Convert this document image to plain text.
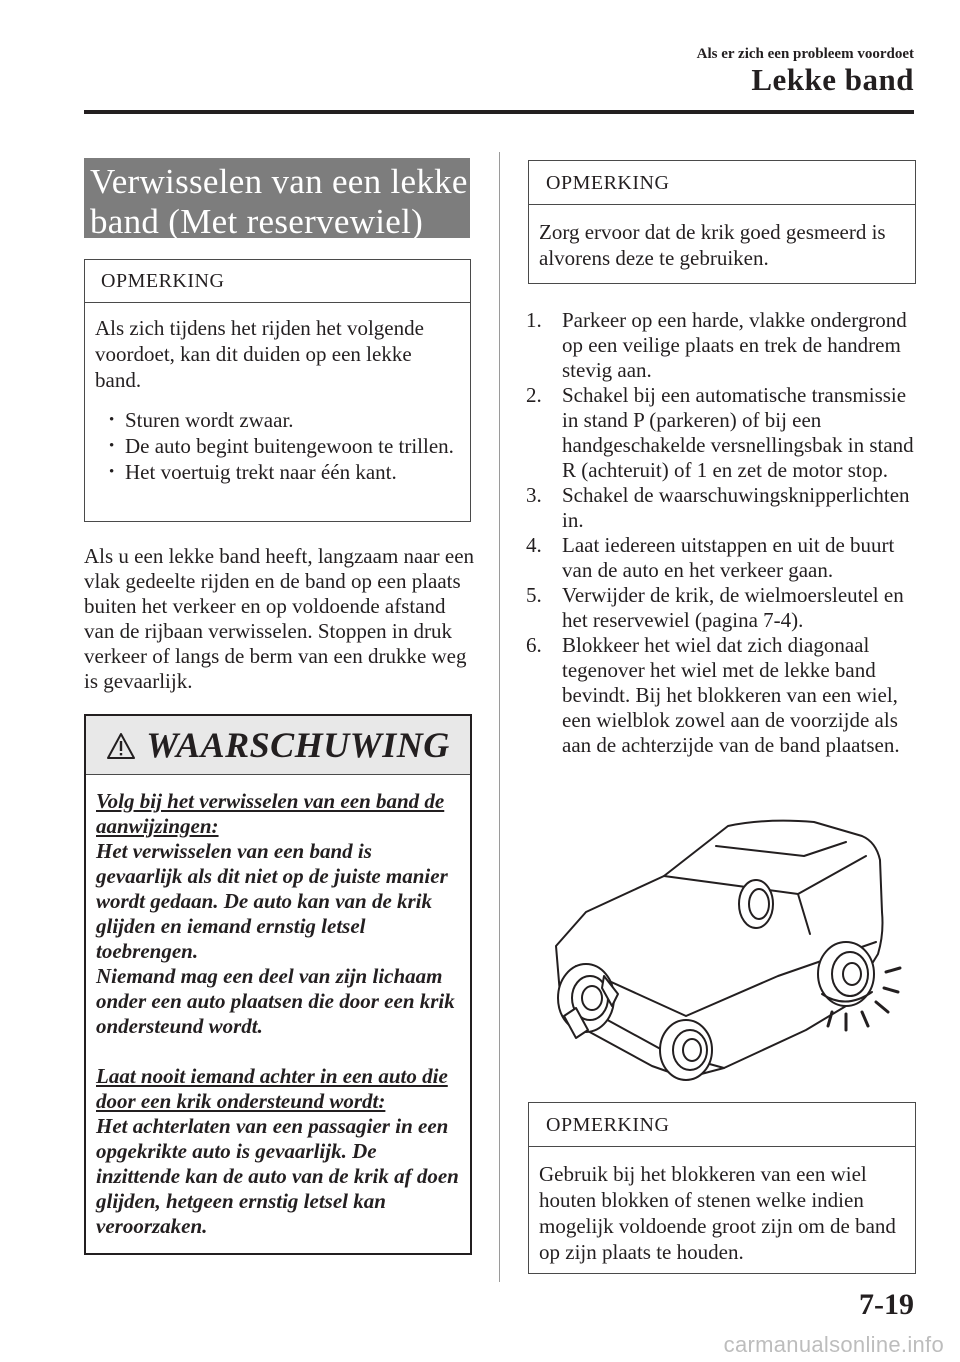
Als er zich een probleem voordoet
Lekke band
Verwisselen van een lekke
band (Met reservewiel)
OPMERKING
Als zich tijdens het rijden het volgende voordoet, kan dit duiden op een lekke band.
• Sturen wordt zwaar.
• De auto begint buitengewoon te trillen.
• Het voertuig trekt naar één kant.
Als u een lekke band heeft, langzaam naar een vlak gedeelte rijden en de band op een plaats buiten het verkeer en op voldoende afstand van de rijbaan verwisselen. Stoppen in druk verkeer of langs de berm van een drukke weg is gevaarlijk.
WAARSCHUWING
Volg bij het verwisselen van een band de aanwijzingen:
Het verwisselen van een band is gevaarlijk als dit niet op de juiste manier wordt gedaan. De auto kan van de krik glijden en iemand ernstig letsel toebrengen.
Niemand mag een deel van zijn lichaam onder een auto plaatsen die door een krik ondersteund wordt.
Laat nooit iemand achter in een auto die door een krik ondersteund wordt:
Het achterlaten van een passagier in een opgekrikte auto is gevaarlijk. De inzittende kan de auto van de krik af doen glijden, hetgeen ernstig letsel kan veroorzaken.
OPMERKING
Zorg ervoor dat de krik goed gesmeerd is alvorens deze te gebruiken.
1. Parkeer op een harde, vlakke ondergrond op een veilige plaats en trek de handrem stevig aan.
2. Schakel bij een automatische transmissie in stand P (parkeren) of bij een handgeschakelde versnellingsbak in stand R (achteruit) of 1 en zet de motor stop.
3. Schakel de waarschuwingsknipperlichten in.
4. Laat iedereen uitstappen en uit de buurt van de auto en het verkeer gaan.
5. Verwijder de krik, de wielmoersleutel en het reservewiel (pagina 7-4).
6. Blokkeer het wiel dat zich diagonaal tegenover het wiel met de lekke band bevindt. Bij het blokkeren van een wiel, een wielblok zowel aan de voorzijde als aan de achterzijde van de band plaatsen.
OPMERKING
Gebruik bij het blokkeren van een wiel houten blokken of stenen welke indien mogelijk voldoende groot zijn om de band op zijn plaats te houden.
7-19
carmanualsonline.info
